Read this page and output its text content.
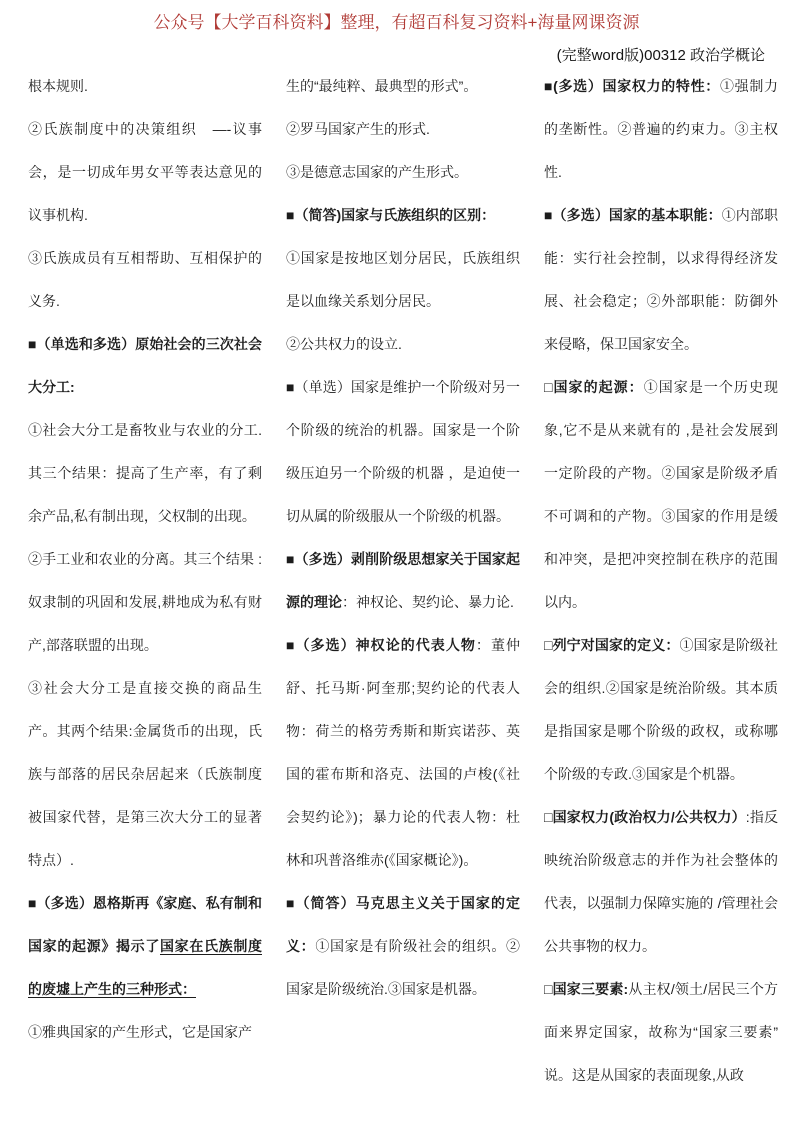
公众号【大学百科资料】整理，有超百科复习资料+海量网课资源
(完整word版)00312 政治学概论

根本规则.

②氏族制度中的决策组织　—-议事会，是一切成年男女平等表达意见的议事机构.

③氏族成员有互相帮助、互相保护的义务.

■（单选和多选）原始社会的三次社会大分工:

①社会大分工是畜牧业与农业的分工.其三个结果：提高了生产率，有了剩余产品,私有制出现，父权制的出现。

②手工业和农业的分离。其三个结果 :奴隶制的巩固和发展,耕地成为私有财产,部落联盟的出现。

③社会大分工是直接交换的商品生产。其两个结果:金属货币的出现，氏族与部落的居民杂居起来（氏族制度被国家代替，是第三次大分工的显著特点）.

■（多选）恩格斯再《家庭、私有制和国家的起源》揭示了国家在氏族制度的废墟上产生的三种形式：

①雅典国家的产生形式，它是国家产

生的“最纯粹、最典型的形式”。

②罗马国家产生的形式.

③是德意志国家的产生形式。

■（简答)国家与氏族组织的区别：

①国家是按地区划分居民，氏族组织是以血缘关系划分居民。

②公共权力的设立.

■（单选）国家是维护一个阶级对另一个阶级的统治的机器。国家是一个阶级压迫另一个阶级的机器 ，是迫使一切从属的阶级服从一个阶级的机器。

■（多选）剥削阶级思想家关于国家起源的理论：神权论、契约论、暴力论.

■（多选）神权论的代表人物：董仲舒、托马斯·阿奎那;契约论的代表人物：荷兰的格劳秀斯和斯宾诺莎、英国的霍布斯和洛克、法国的卢梭(《社会契约论》)；暴力论的代表人物：杜林和巩普洛维赤(《国家概论》)。

■（简答）马克思主义关于国家的定义：①国家是有阶级社会的组织。②国家是阶级统治.③国家是机器。

■(多选）国家权力的特性：①强制力的垄断性。②普遍的约束力。③主权性.

■（多选）国家的基本职能：①内部职能：实行社会控制，以求得得经济发展、社会稳定；②外部职能：防御外来侵略，保卫国家安全。

□国家的起源：①国家是一个历史现象,它不是从来就有的 ,是社会发展到一定阶段的产物。②国家是阶级矛盾不可调和的产物。③国家的作用是缓和冲突，是把冲突控制在秩序的范围以内。

□列宁对国家的定义：①国家是阶级社会的组织.②国家是统治阶级。其本质是指国家是哪个阶级的政权，或称哪个阶级的专政.③国家是个机器。

□国家权力(政治权力/公共权力）:指反映统治阶级意志的并作为社会整体的代表，以强制力保障实施的 /管理社会公共事物的权力。

□国家三要素:从主权/领土/居民三个方面来界定国家，故称为“国家三要素”说。这是从国家的表面现象,从政
